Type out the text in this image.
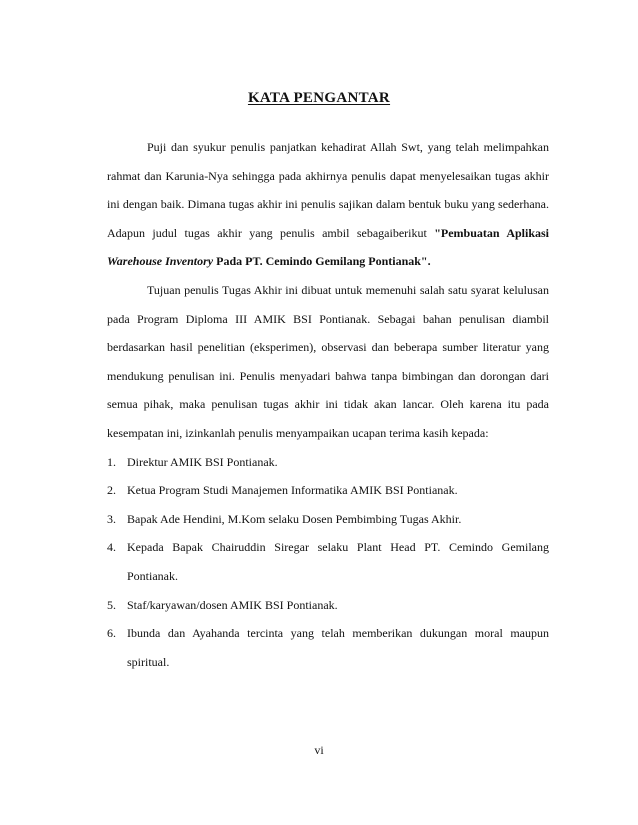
KATA PENGANTAR

Puji dan syukur penulis panjatkan kehadirat Allah Swt, yang telah melimpahkan rahmat dan Karunia-Nya sehingga pada akhirnya penulis dapat menyelesaikan tugas akhir ini dengan baik. Dimana tugas akhir ini penulis sajikan dalam bentuk buku yang sederhana. Adapun judul tugas akhir yang penulis ambil sebagaiberikut "Pembuatan Aplikasi Warehouse Inventory Pada PT. Cemindo Gemilang Pontianak".

Tujuan penulis Tugas Akhir ini dibuat untuk memenuhi salah satu syarat kelulusan pada Program Diploma III AMIK BSI Pontianak. Sebagai bahan penulisan diambil berdasarkan hasil penelitian (eksperimen), observasi dan beberapa sumber literatur yang mendukung penulisan ini. Penulis menyadari bahwa tanpa bimbingan dan dorongan dari semua pihak, maka penulisan tugas akhir ini tidak akan lancar. Oleh karena itu pada kesempatan ini, izinkanlah penulis menyampaikan ucapan terima kasih kepada:

1. Direktur AMIK BSI Pontianak.
2. Ketua Program Studi Manajemen Informatika AMIK BSI Pontianak.
3. Bapak Ade Hendini, M.Kom selaku Dosen Pembimbing Tugas Akhir.
4. Kepada Bapak Chairuddin Siregar selaku Plant Head PT. Cemindo Gemilang Pontianak.
5. Staf/karyawan/dosen AMIK BSI Pontianak.
6. Ibunda dan Ayahanda tercinta yang telah memberikan dukungan moral maupun spiritual.
vi
